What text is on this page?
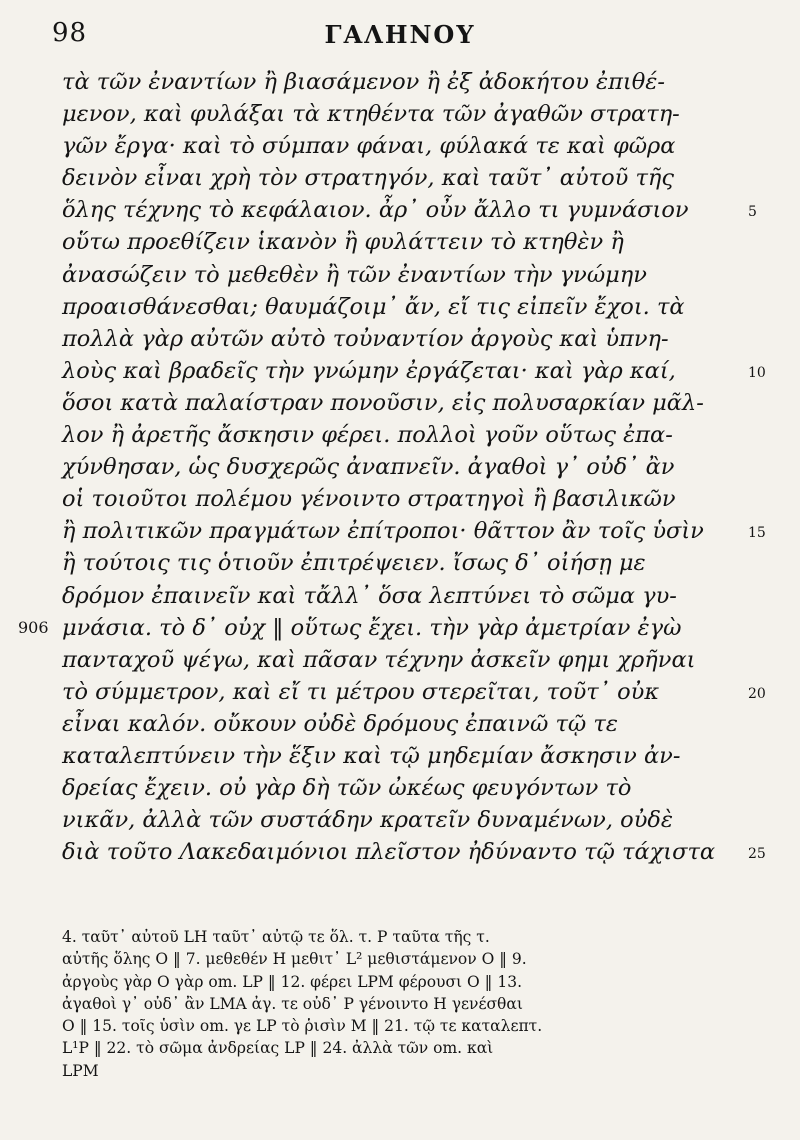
98	ΓΑΛΗΝΟΥ
τὰ τῶν ἐναντίων ἢ βιασάμενον ἢ ἐξ ἀδοκήτου ἐπιθέ-
μενον, καὶ φυλάξαι τὰ κτηθέντα τῶν ἀγαθῶν στρατη-
γῶν ἔργα· καὶ τὸ σύμπαν φάναι, φύλακά τε καὶ φῶρα
δεινὸν εἶναι χρὴ τὸν στρατηγόν, καὶ ταῦτ᾽ αὐτοῦ τῆς
ὅλης τέχνης τὸ κεφάλαιον. ἆρ᾽ οὖν ἄλλο τι γυμνάσιον	5
οὕτω προεθίζειν ἱκανὸν ἢ φυλάττειν τὸ κτηθὲν ἢ
ἀνασώζειν τὸ μεθεθὲν ἢ τῶν ἐναντίων τὴν γνώμην
προαισθάνεσθαι; θαυμάζοιμ᾽ ἄν, εἴ τις εἰπεῖν ἔχοι. τὰ
πολλὰ γὰρ αὐτῶν αὐτὸ τοὐναντίον ἀργοὺς καὶ ὑπνη-
λοὺς καὶ βραδεῖς τὴν γνώμην ἐργάζεται· καὶ γὰρ καί,	10
ὅσοι κατὰ παλαίστραν πονοῦσιν, εἰς πολυσαρκίαν μᾶλ-
λον ἢ ἀρετῆς ἄσκησιν φέρει. πολλοὶ γοῦν οὕτως ἐπα-
χύνθησαν, ὡς δυσχερῶς ἀναπνεῖν. ἀγαθοὶ γ᾽ οὐδ᾽ ἂν
οἱ τοιοῦτοι πολέμου γένοιντο στρατηγοὶ ἢ βασιλικῶν
ἢ πολιτικῶν πραγμάτων ἐπίτροποι· θᾶττον ἂν τοῖς ὑσὶν	15
ἢ τούτοις τις ὁτιοῦν ἐπιτρέψειεν. ἴσως δ᾽ οἰήσῃ με
δρόμον ἐπαινεῖν καὶ τἄλλ᾽ ὅσα λεπτύνει τὸ σῶμα γυ-
μνάσια. τὸ δ᾽ οὐχ ‖ οὕτως ἔχει. τὴν γὰρ ἀμετρίαν ἐγὼ
906
πανταχοῦ ψέγω, καὶ πᾶσαν τέχνην ἀσκεῖν φημι χρῆναι
τὸ σύμμετρον, καὶ εἴ τι μέτρου στερεῖται, τοῦτ᾽ οὐκ	20
εἶναι καλόν. οὔκουν οὐδὲ δρόμους ἐπαινῶ τῷ τε
καταλεπτύνειν τὴν ἕξιν καὶ τῷ μηδεμίαν ἄσκησιν ἀν-
δρείας ἔχειν. οὐ γὰρ δὴ τῶν ὠκέως φευγόντων τὸ
νικᾶν, ἀλλὰ τῶν συστάδην κρατεῖν δυναμένων, οὐδὲ
διὰ τοῦτο Λακεδαιμόνιοι πλεῖστον ἠδύναντο τῷ τάχιστα 25
4. ταῦτ᾽ αὐτοῦ LH ταῦτ᾽ αὐτῷ τε ὅλ. τ. P ταῦτα τῆς τ.
αὐτῆς ὅλης O ‖ 7. μεθεθέν H μεθιτ᾽ L² μεθιστάμενον O ‖ 9.
ἀργοὺς γὰρ O γὰρ om. LP ‖ 12. φέρει LPM φέρουσι O ‖ 13.
ἀγαθοὶ γ᾽ οὐδ᾽ ἂν LMA ἀγ. τε οὐδ᾽ P γένοιντο H γενέσθαι
O ‖ 15. τοῖς ὑσὶν om. γε LP τὸ ῥισὶν M ‖ 21. τῷ τε καταλεπτ.
L¹P ‖ 22. τὸ σῶμα ἀνδρείας LP ‖ 24. ἀλλὰ τῶν om. καὶ
LPM
